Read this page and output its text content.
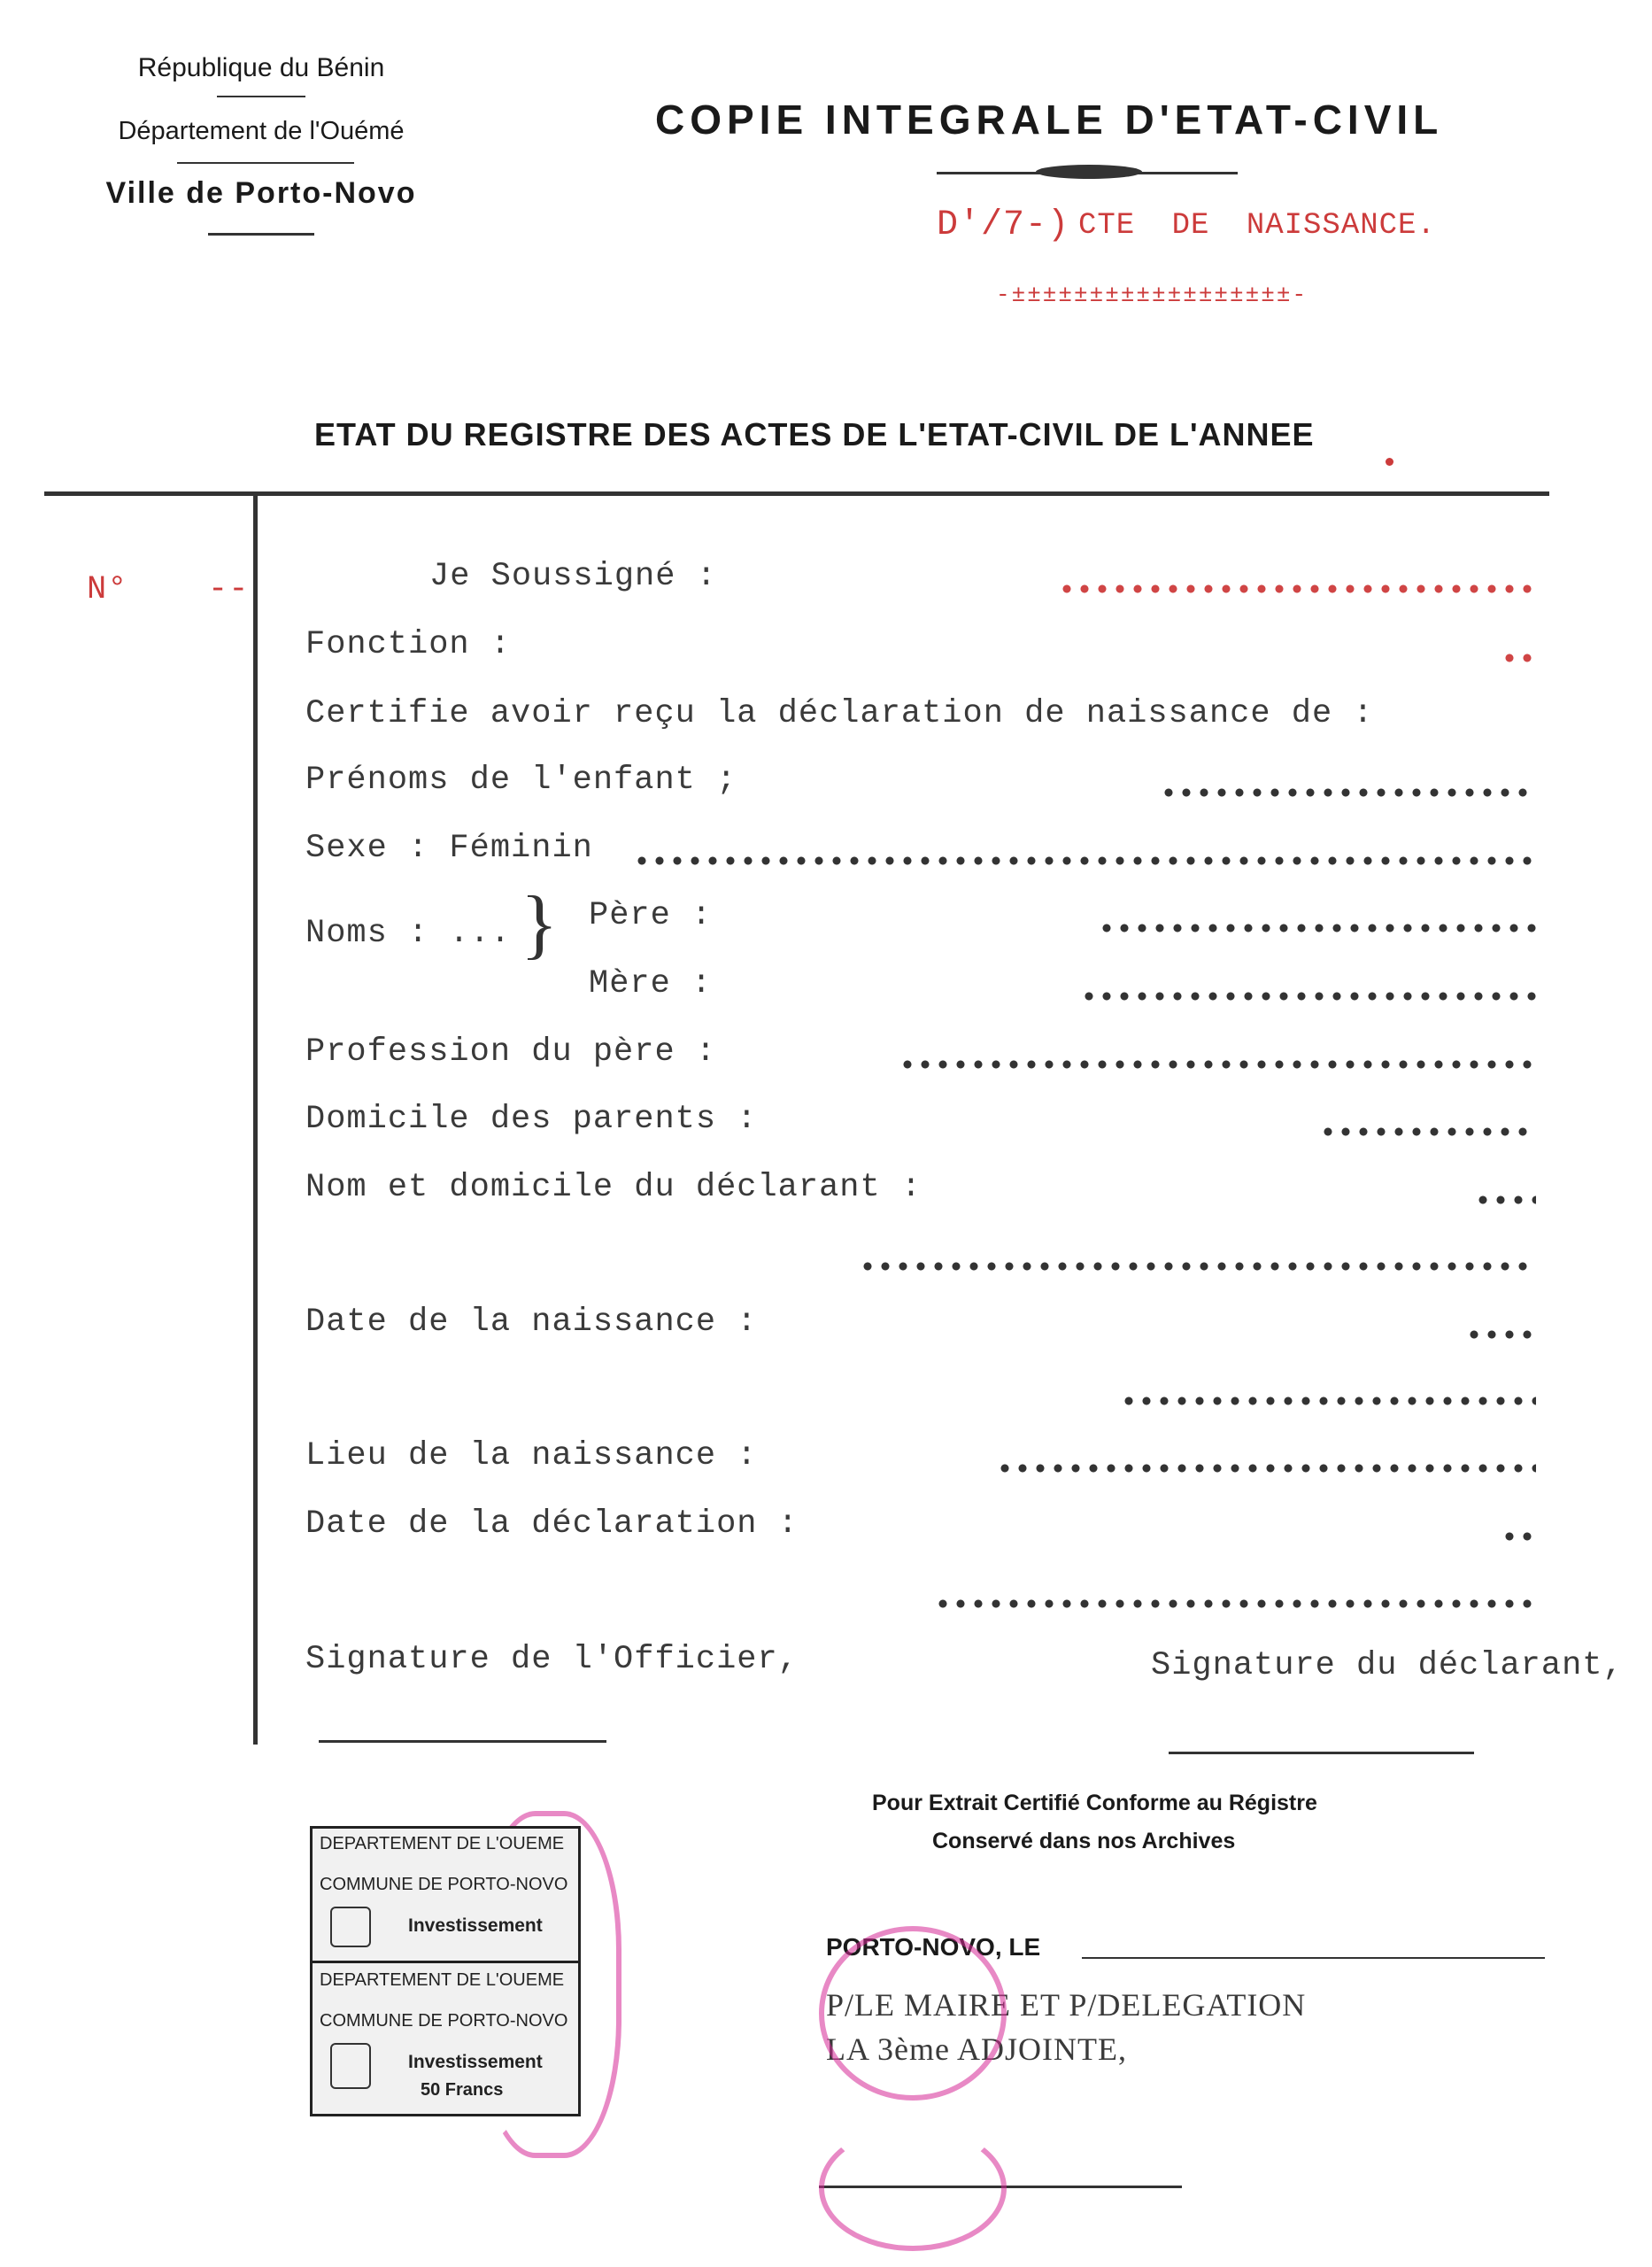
République du Bénin
Département de l'Ouémé
Ville de Porto-Novo
COPIE INTEGRALE D'ETAT-CIVIL
D'/7-) CTE DE NAISSANCE.
-±±±±±±±±±±±±±±±±±±-
ETAT DU REGISTRE DES ACTES DE L'ETAT-CIVIL DE L'ANNEE
N° --	Je Soussigné :
Fonction :
Certifie avoir reçu la déclaration de naissance de :
Prénoms de l'enfant ;
Sexe : Féminin
Noms : ... } Père :
Mère :
Profession du père :
Domicile des parents :
Nom et domicile du déclarant :
Date de la naissance :
Lieu de la naissance :
Date de la déclaration :
Signature de l'Officier,	Signature du déclarant,
Pour Extrait Certifié Conforme au Régistre
Conservé dans nos Archives
PORTO-NOVO, LE
P/LE MAIRE ET P/DELEGATION
LA 3ème ADJOINTE,
DEPARTEMENT DE L'OUEME
COMMUNE DE PORTO-NOVO
Investissement
DEPARTEMENT DE L'OUEME
COMMUNE DE PORTO-NOVO
Investissement
50 Francs
